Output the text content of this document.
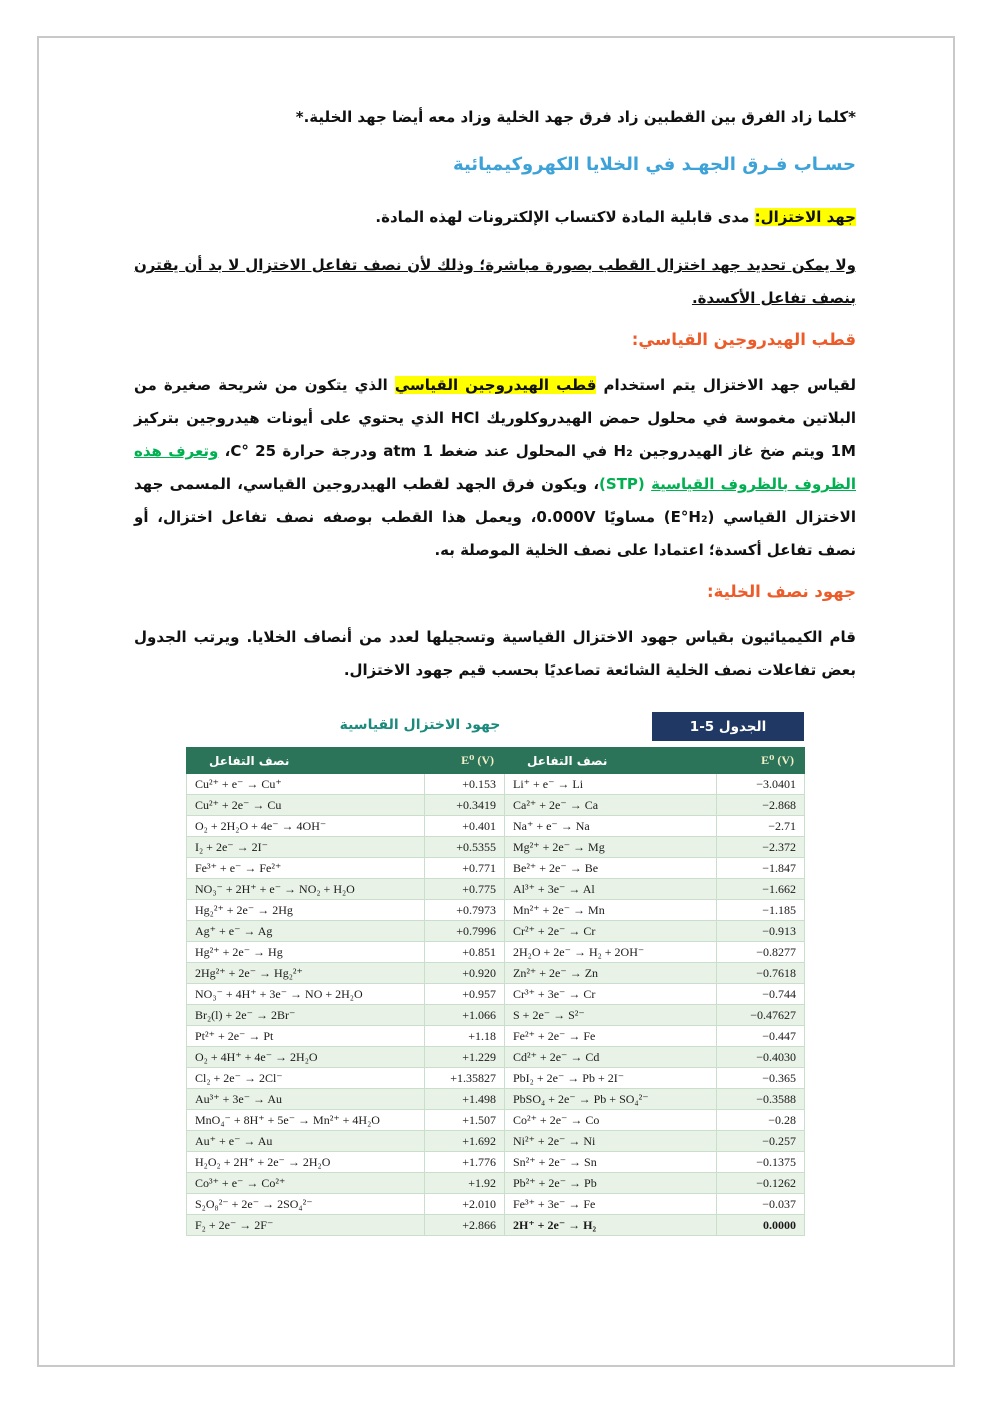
*كلما زاد الفرق بين القطبين زاد فرق جهد الخلية وزاد معه أيضا جهد الخلية.*

حسـاب فـرق الجهـد في الخلايا الكهروكيميائية

جهد الاختزال: مدى قابلية المادة لاكتساب الإلكترونات لهذه المادة.

ولا يمكن تحديد جهد اختزال القطب بصورة مباشرة؛ وذلك لأن نصف تفاعل الاختزال لا بد أن يقترن بنصف تفاعل الأكسدة.

قطب الهيدروجين القياسي:

لقياس جهد الاختزال يتم استخدام قطب الهيدروجين القياسي الذي يتكون من شريحة صغيرة من البلاتين مغموسة في محلول حمض الهيدروكلوريك HCl الذي يحتوي على أيونات هيدروجين بتركيز 1M ويتم ضخ غاز الهيدروجين H₂ في المحلول عند ضغط 1 atm ودرجة حرارة 25 C°‎، وتعرف هذه الظروف بالظروف القياسية (STP)، ويكون فرق الجهد لقطب الهيدروجين القياسي، المسمى جهد الاختزال القياسي (E°H₂) مساويًا 0.000V، ويعمل هذا القطب بوصفه نصف تفاعل اختزال، أو نصف تفاعل أكسدة؛ اعتمادا على نصف الخلية الموصلة به.

جهود نصف الخلية:

قام الكيميائيون بقياس جهود الاختزال القياسية وتسجيلها لعدد من أنصاف الخلايا. ويرتب الجدول بعض تفاعلات نصف الخلية الشائعة تصاعديًا بحسب قيم جهود الاختزال.

الجدول 5-1
جهود الاختزال القياسية
نصف التفاعل	E⁰ (V)	نصف التفاعل	E⁰ (V)
Cu²⁺ + e⁻ → Cu⁺	+0.153	Li⁺ + e⁻ → Li	−3.0401
Cu²⁺ + 2e⁻ → Cu	+0.3419	Ca²⁺ + 2e⁻ → Ca	−2.868
O₂ + 2H₂O + 4e⁻ → 4OH⁻	+0.401	Na⁺ + e⁻ → Na	−2.71
I₂ + 2e⁻ → 2I⁻	+0.5355	Mg²⁺ + 2e⁻ → Mg	−2.372
Fe³⁺ + e⁻ → Fe²⁺	+0.771	Be²⁺ + 2e⁻ → Be	−1.847
NO₃⁻ + 2H⁺ + e⁻ → NO₂ + H₂O	+0.775	Al³⁺ + 3e⁻ → Al	−1.662
Hg₂²⁺ + 2e⁻ → 2Hg	+0.7973	Mn²⁺ + 2e⁻ → Mn	−1.185
Ag⁺ + e⁻ → Ag	+0.7996	Cr²⁺ + 2e⁻ → Cr	−0.913
Hg²⁺ + 2e⁻ → Hg	+0.851	2H₂O + 2e⁻ → H₂ + 2OH⁻	−0.8277
2Hg²⁺ + 2e⁻ → Hg₂²⁺	+0.920	Zn²⁺ + 2e⁻ → Zn	−0.7618
NO₃⁻ + 4H⁺ + 3e⁻ → NO + 2H₂O	+0.957	Cr³⁺ + 3e⁻ → Cr	−0.744
Br₂(l) + 2e⁻ → 2Br⁻	+1.066	S + 2e⁻ → S²⁻	−0.47627
Pt²⁺ + 2e⁻ → Pt	+1.18	Fe²⁺ + 2e⁻ → Fe	−0.447
O₂ + 4H⁺ + 4e⁻ → 2H₂O	+1.229	Cd²⁺ + 2e⁻ → Cd	−0.4030
Cl₂ + 2e⁻ → 2Cl⁻	+1.35827	PbI₂ + 2e⁻ → Pb + 2I⁻	−0.365
Au³⁺ + 3e⁻ → Au	+1.498	PbSO₄ + 2e⁻ → Pb + SO₄²⁻	−0.3588
MnO₄⁻ + 8H⁺ + 5e⁻ → Mn²⁺ + 4H₂O	+1.507	Co²⁺ + 2e⁻ → Co	−0.28
Au⁺ + e⁻ → Au	+1.692	Ni²⁺ + 2e⁻ → Ni	−0.257
H₂O₂ + 2H⁺ + 2e⁻ → 2H₂O	+1.776	Sn²⁺ + 2e⁻ → Sn	−0.1375
Co³⁺ + e⁻ → Co²⁺	+1.92	Pb²⁺ + 2e⁻ → Pb	−0.1262
S₂O₈²⁻ + 2e⁻ → 2SO₄²⁻	+2.010	Fe³⁺ + 3e⁻ → Fe	−0.037
F₂ + 2e⁻ → 2F⁻	+2.866	2H⁺ + 2e⁻ → H₂	0.0000
